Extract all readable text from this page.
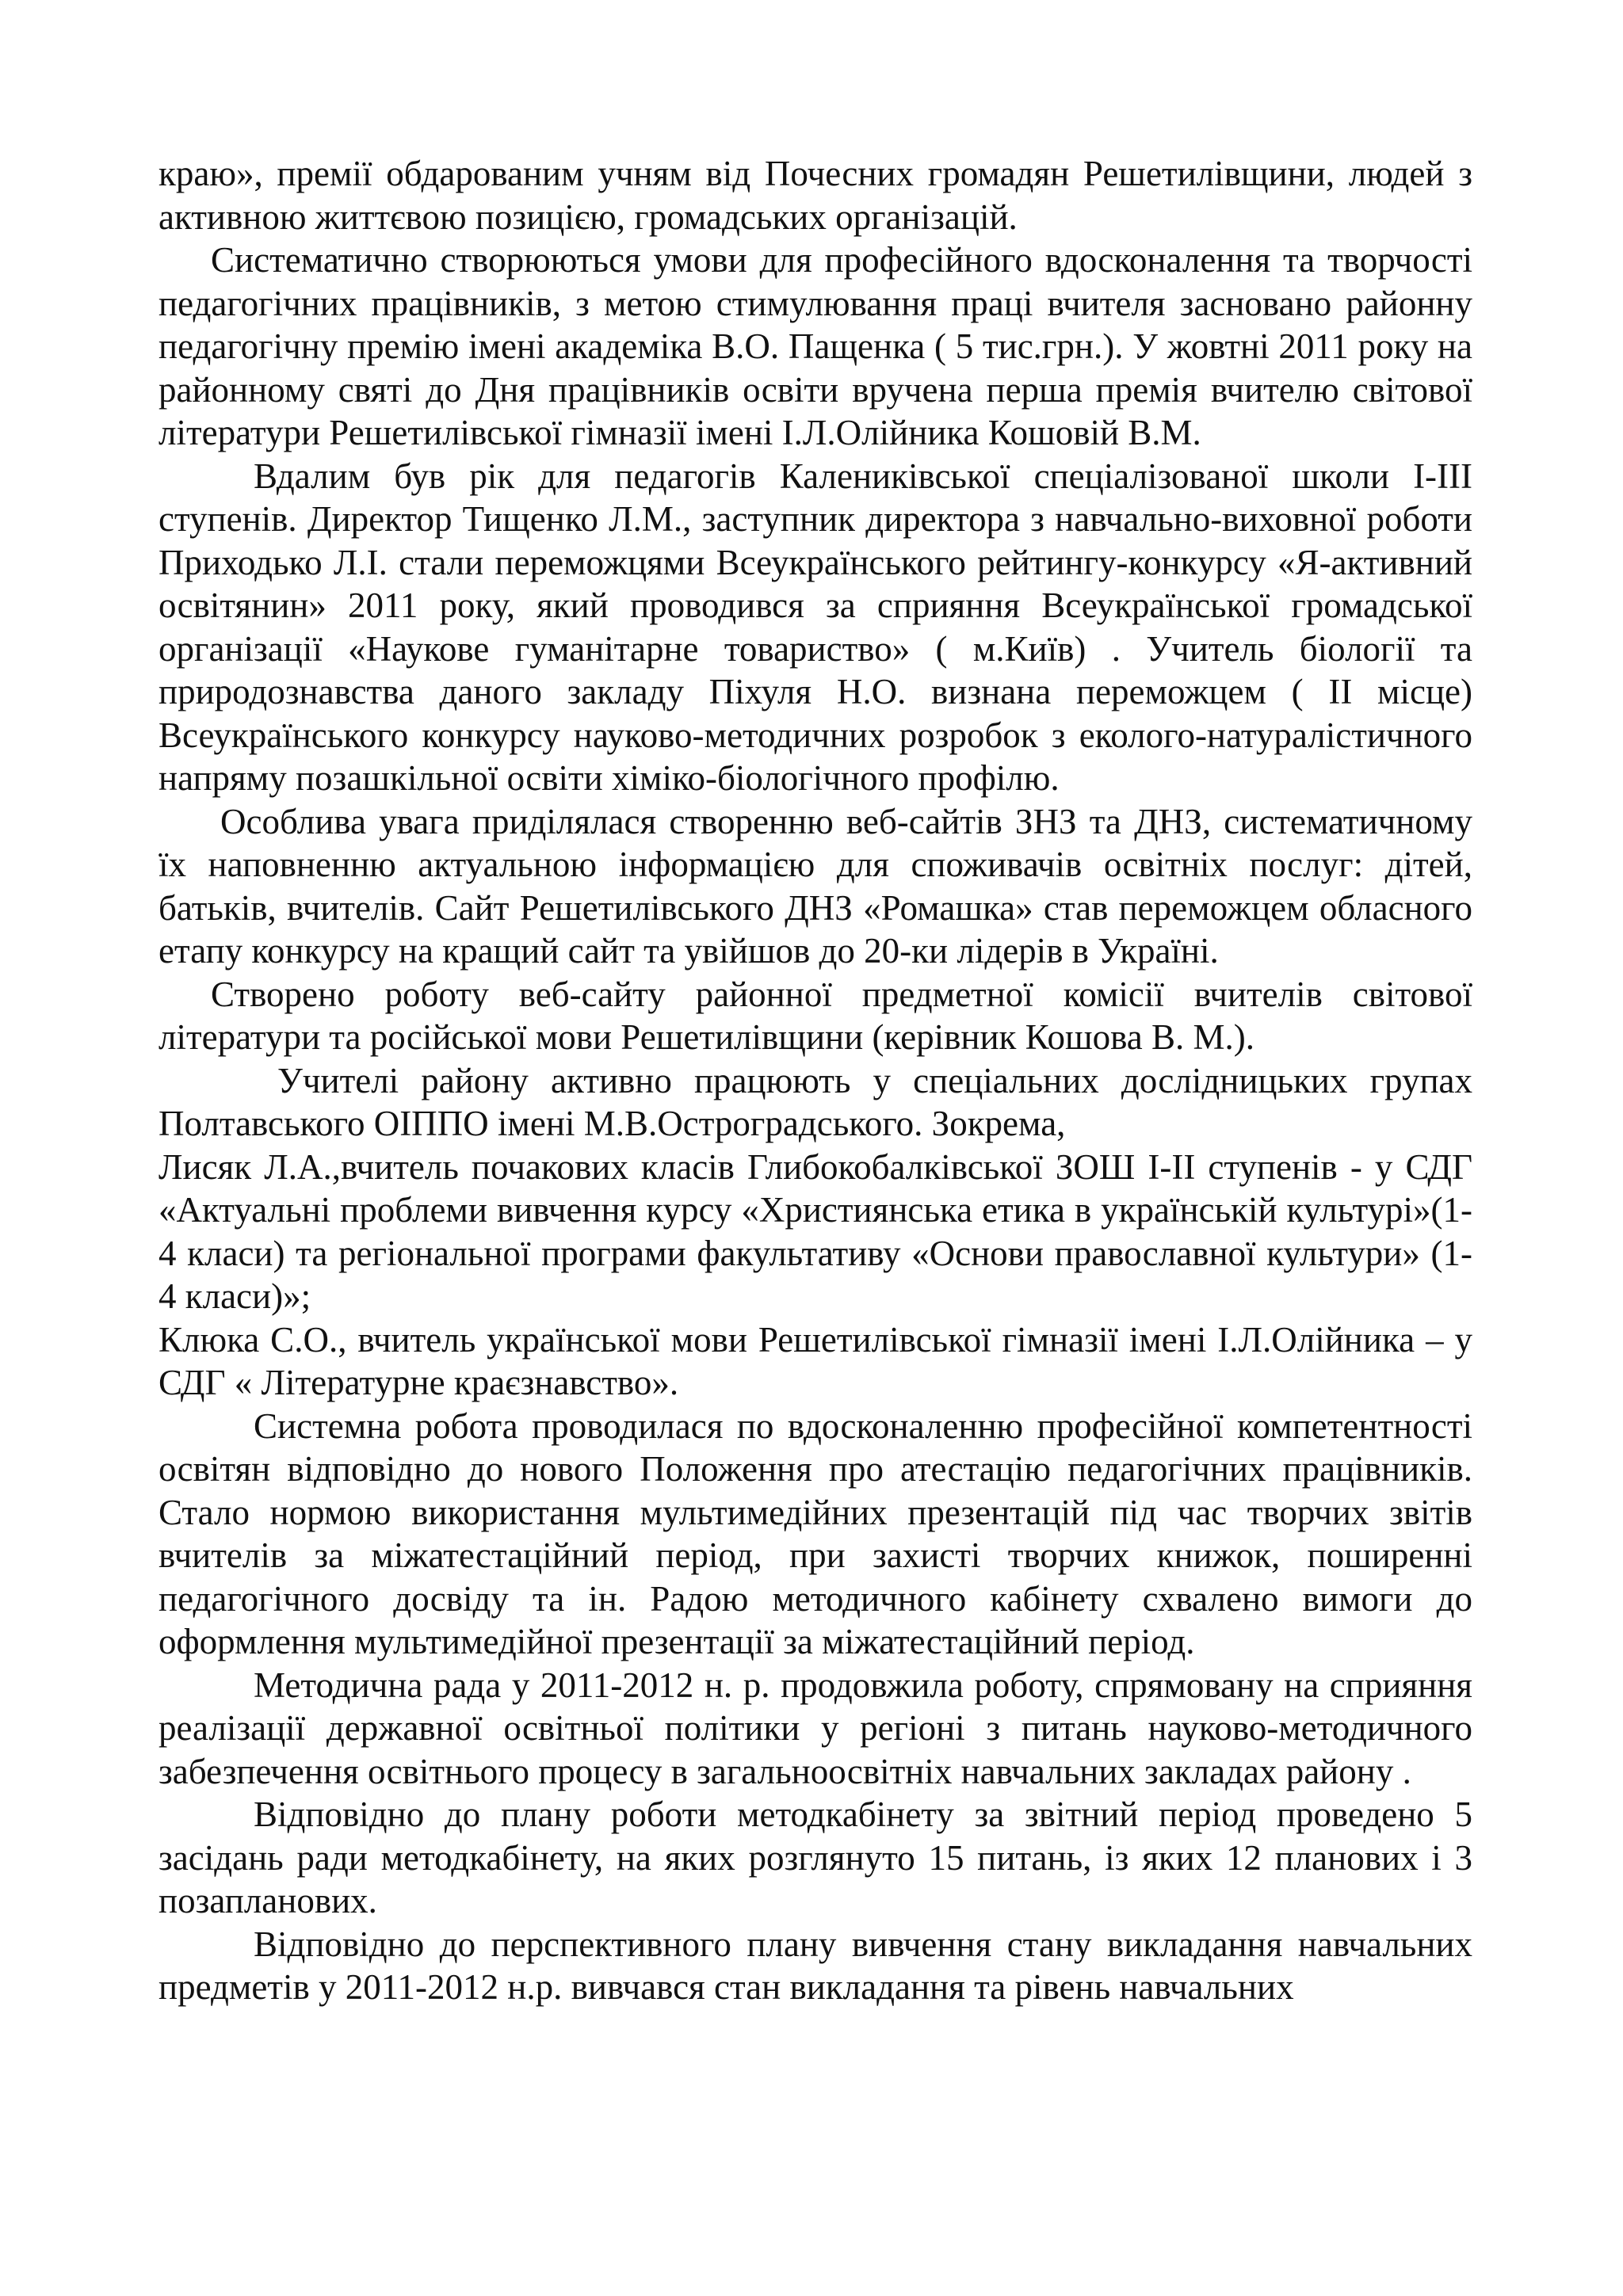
краю», премії обдарованим учням від Почесних громадян Решетилівщини, людей з активною життєвою позицією, громадських організацій.

Систематично створюються умови для професійного вдосконалення та творчості педагогічних працівників, з метою стимулювання праці вчителя засновано районну педагогічну премію імені академіка В.О. Пащенка ( 5 тис.грн.). У жовтні 2011 року на районному святі до Дня працівників освіти вручена перша премія вчителю світової літератури Решетилівської гімназії імені І.Л.Олійника Кошовій В.М.

Вдалим був рік для педагогів Калениківської спеціалізованої школи І-ІІІ ступенів. Директор Тищенко Л.М., заступник директора з навчально-виховної роботи Приходько Л.І. стали переможцями Всеукраїнського рейтингу-конкурсу «Я-активний освітянин» 2011 року, який проводився за сприяння Всеукраїнської громадської організації «Наукове гуманітарне товариство» ( м.Київ) . Учитель біології та природознавства даного закладу Піхуля Н.О. визнана переможцем ( ІІ місце) Всеукраїнського конкурсу науково-методичних розробок з еколого-натуралістичного напряму позашкільної освіти хіміко-біологічного профілю.

Особлива увага приділялася створенню веб-сайтів ЗНЗ та ДНЗ, систематичному їх наповненню актуальною інформацією для споживачів освітніх послуг: дітей, батьків, вчителів. Сайт Решетилівського ДНЗ «Ромашка» став переможцем обласного етапу конкурсу на кращий сайт та увійшов до 20-ки лідерів в Україні.

Створено роботу веб-сайту районної предметної комісії вчителів світової літератури та російської мови Решетилівщини (керівник Кошова В. М.).

Учителі району активно працюють у спеціальних дослідницьких групах Полтавського ОІППО імені М.В.Остроградського. Зокрема,

Лисяк Л.А.,вчитель почакових класів Глибокобалківської ЗОШ І-ІІ ступенів - у СДГ «Актуальні проблеми вивчення курсу «Християнська етика в українській культурі»(1-4 класи) та регіональної програми факультативу «Основи православної культури» (1-4 класи)»;

Клюка С.О., вчитель української мови Решетилівської гімназії імені І.Л.Олійника – у СДГ « Літературне краєзнавство».

Системна робота проводилася по вдосконаленню професійної компетентності освітян відповідно до нового Положення про атестацію педагогічних працівників. Стало нормою використання мультимедійних презентацій під час творчих звітів вчителів за міжатестаційний період, при захисті творчих книжок, поширенні педагогічного досвіду та ін. Радою методичного кабінету схвалено вимоги до оформлення мультимедійної презентації за міжатестаційний період.

Методична рада у 2011-2012 н. р. продовжила роботу, спрямовану на сприяння реалізації державної освітньої політики у регіоні з питань науково-методичного забезпечення освітнього процесу в загальноосвітніх навчальних закладах району .

Відповідно до плану роботи методкабінету за звітний період проведено 5 засідань ради методкабінету, на яких розглянуто 15 питань, із яких 12 планових і 3 позапланових.

Відповідно до перспективного плану вивчення стану викладання навчальних предметів у 2011-2012 н.р. вивчався стан викладання та рівень навчальних
